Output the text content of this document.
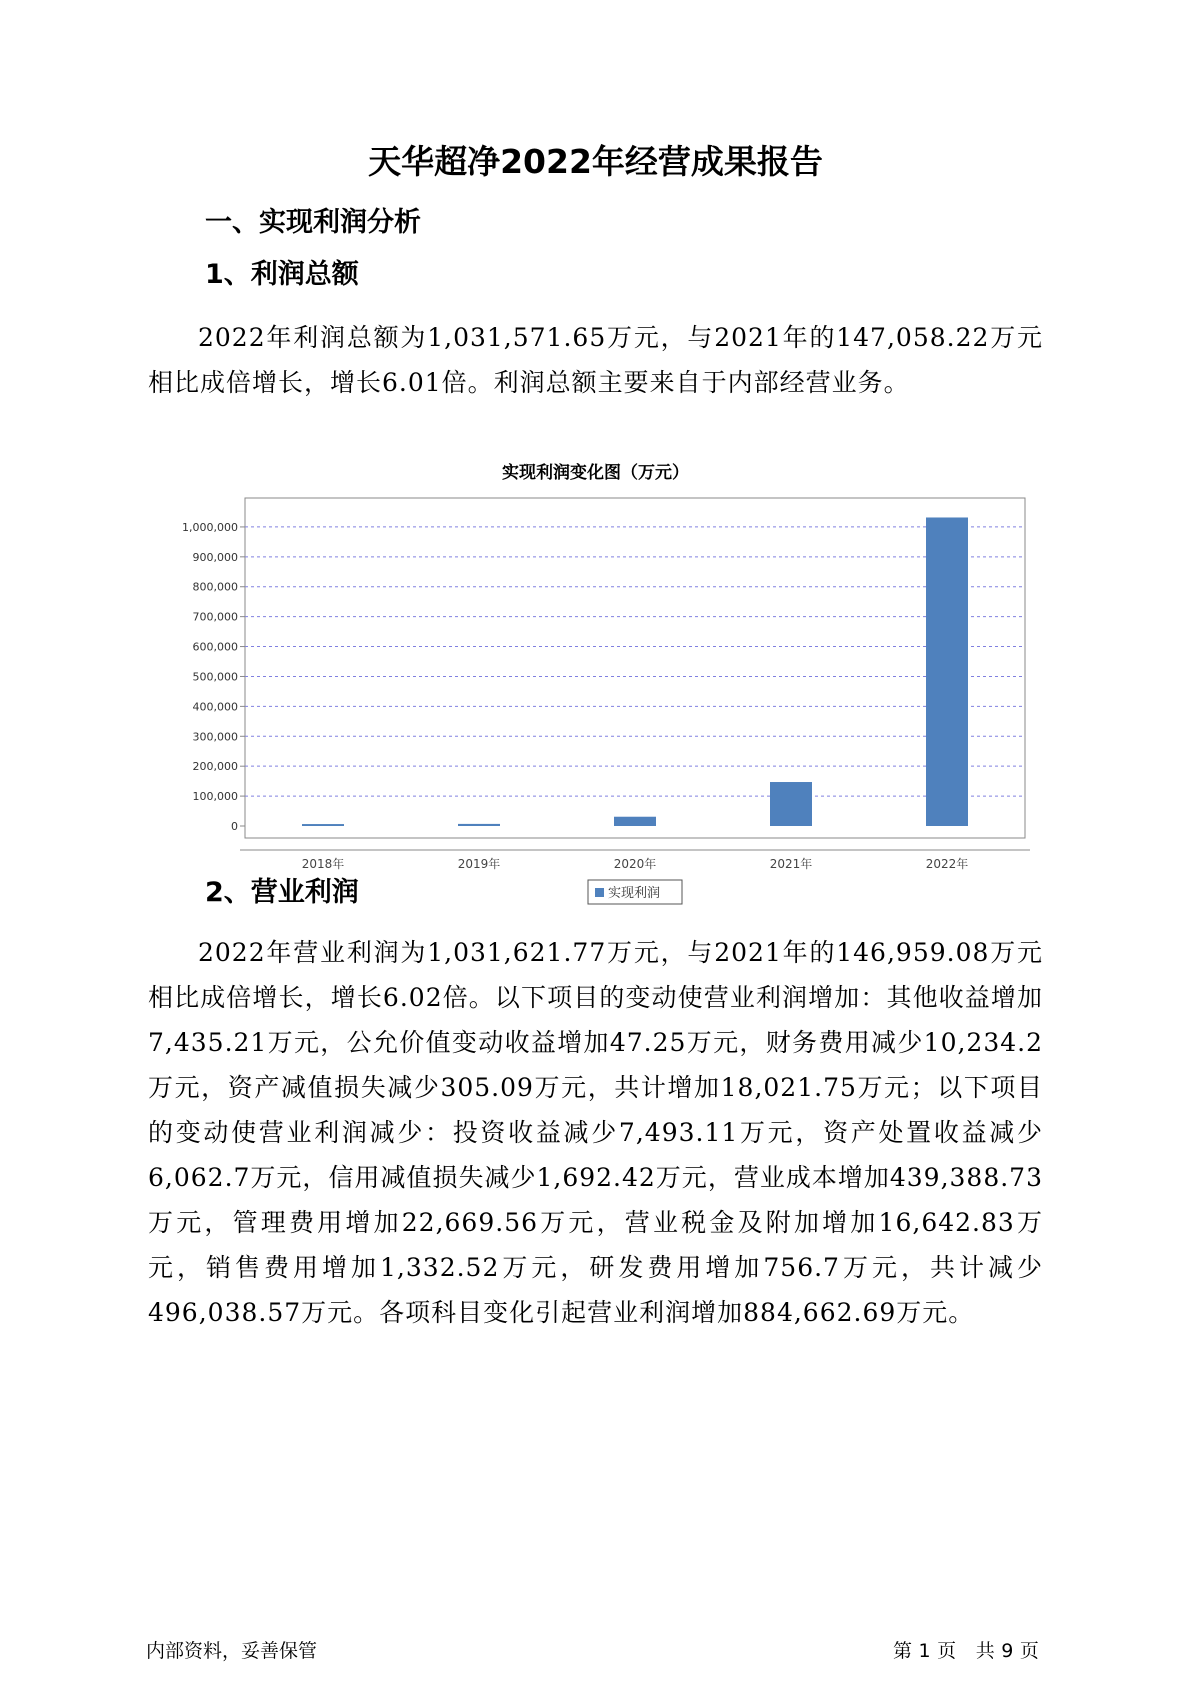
天华超净2022年经营成果报告
一、实现利润分析
1、利润总额

2022年利润总额为1,031,571.65万元，与2021年的147,058.22万元相比成倍增长，增长6.01倍。利润总额主要来自于内部经营业务。

实现利润变化图（万元）
0
100,000
200,000
300,000
400,000
500,000
600,000
700,000
800,000
900,000
1,000,000
2018年	2019年	2020年	2021年	2022年
实现利润
2、营业利润

2022年营业利润为1,031,621.77万元，与2021年的146,959.08万元相比成倍增长，增长6.02倍。以下项目的变动使营业利润增加：其他收益增加7,435.21万元，公允价值变动收益增加47.25万元，财务费用减少10,234.2万元，资产减值损失减少305.09万元，共计增加18,021.75万元；以下项目的变动使营业利润减少：投资收益减少7,493.11万元，资产处置收益减少6,062.7万元，信用减值损失减少1,692.42万元，营业成本增加439,388.73万元，管理费用增加22,669.56万元，营业税金及附加增加16,642.83万元，销售费用增加1,332.52万元，研发费用增加756.7万元，共计减少496,038.57万元。各项科目变化引起营业利润增加884,662.69万元。

内部资料，妥善保管	第 1 页 共 9 页
